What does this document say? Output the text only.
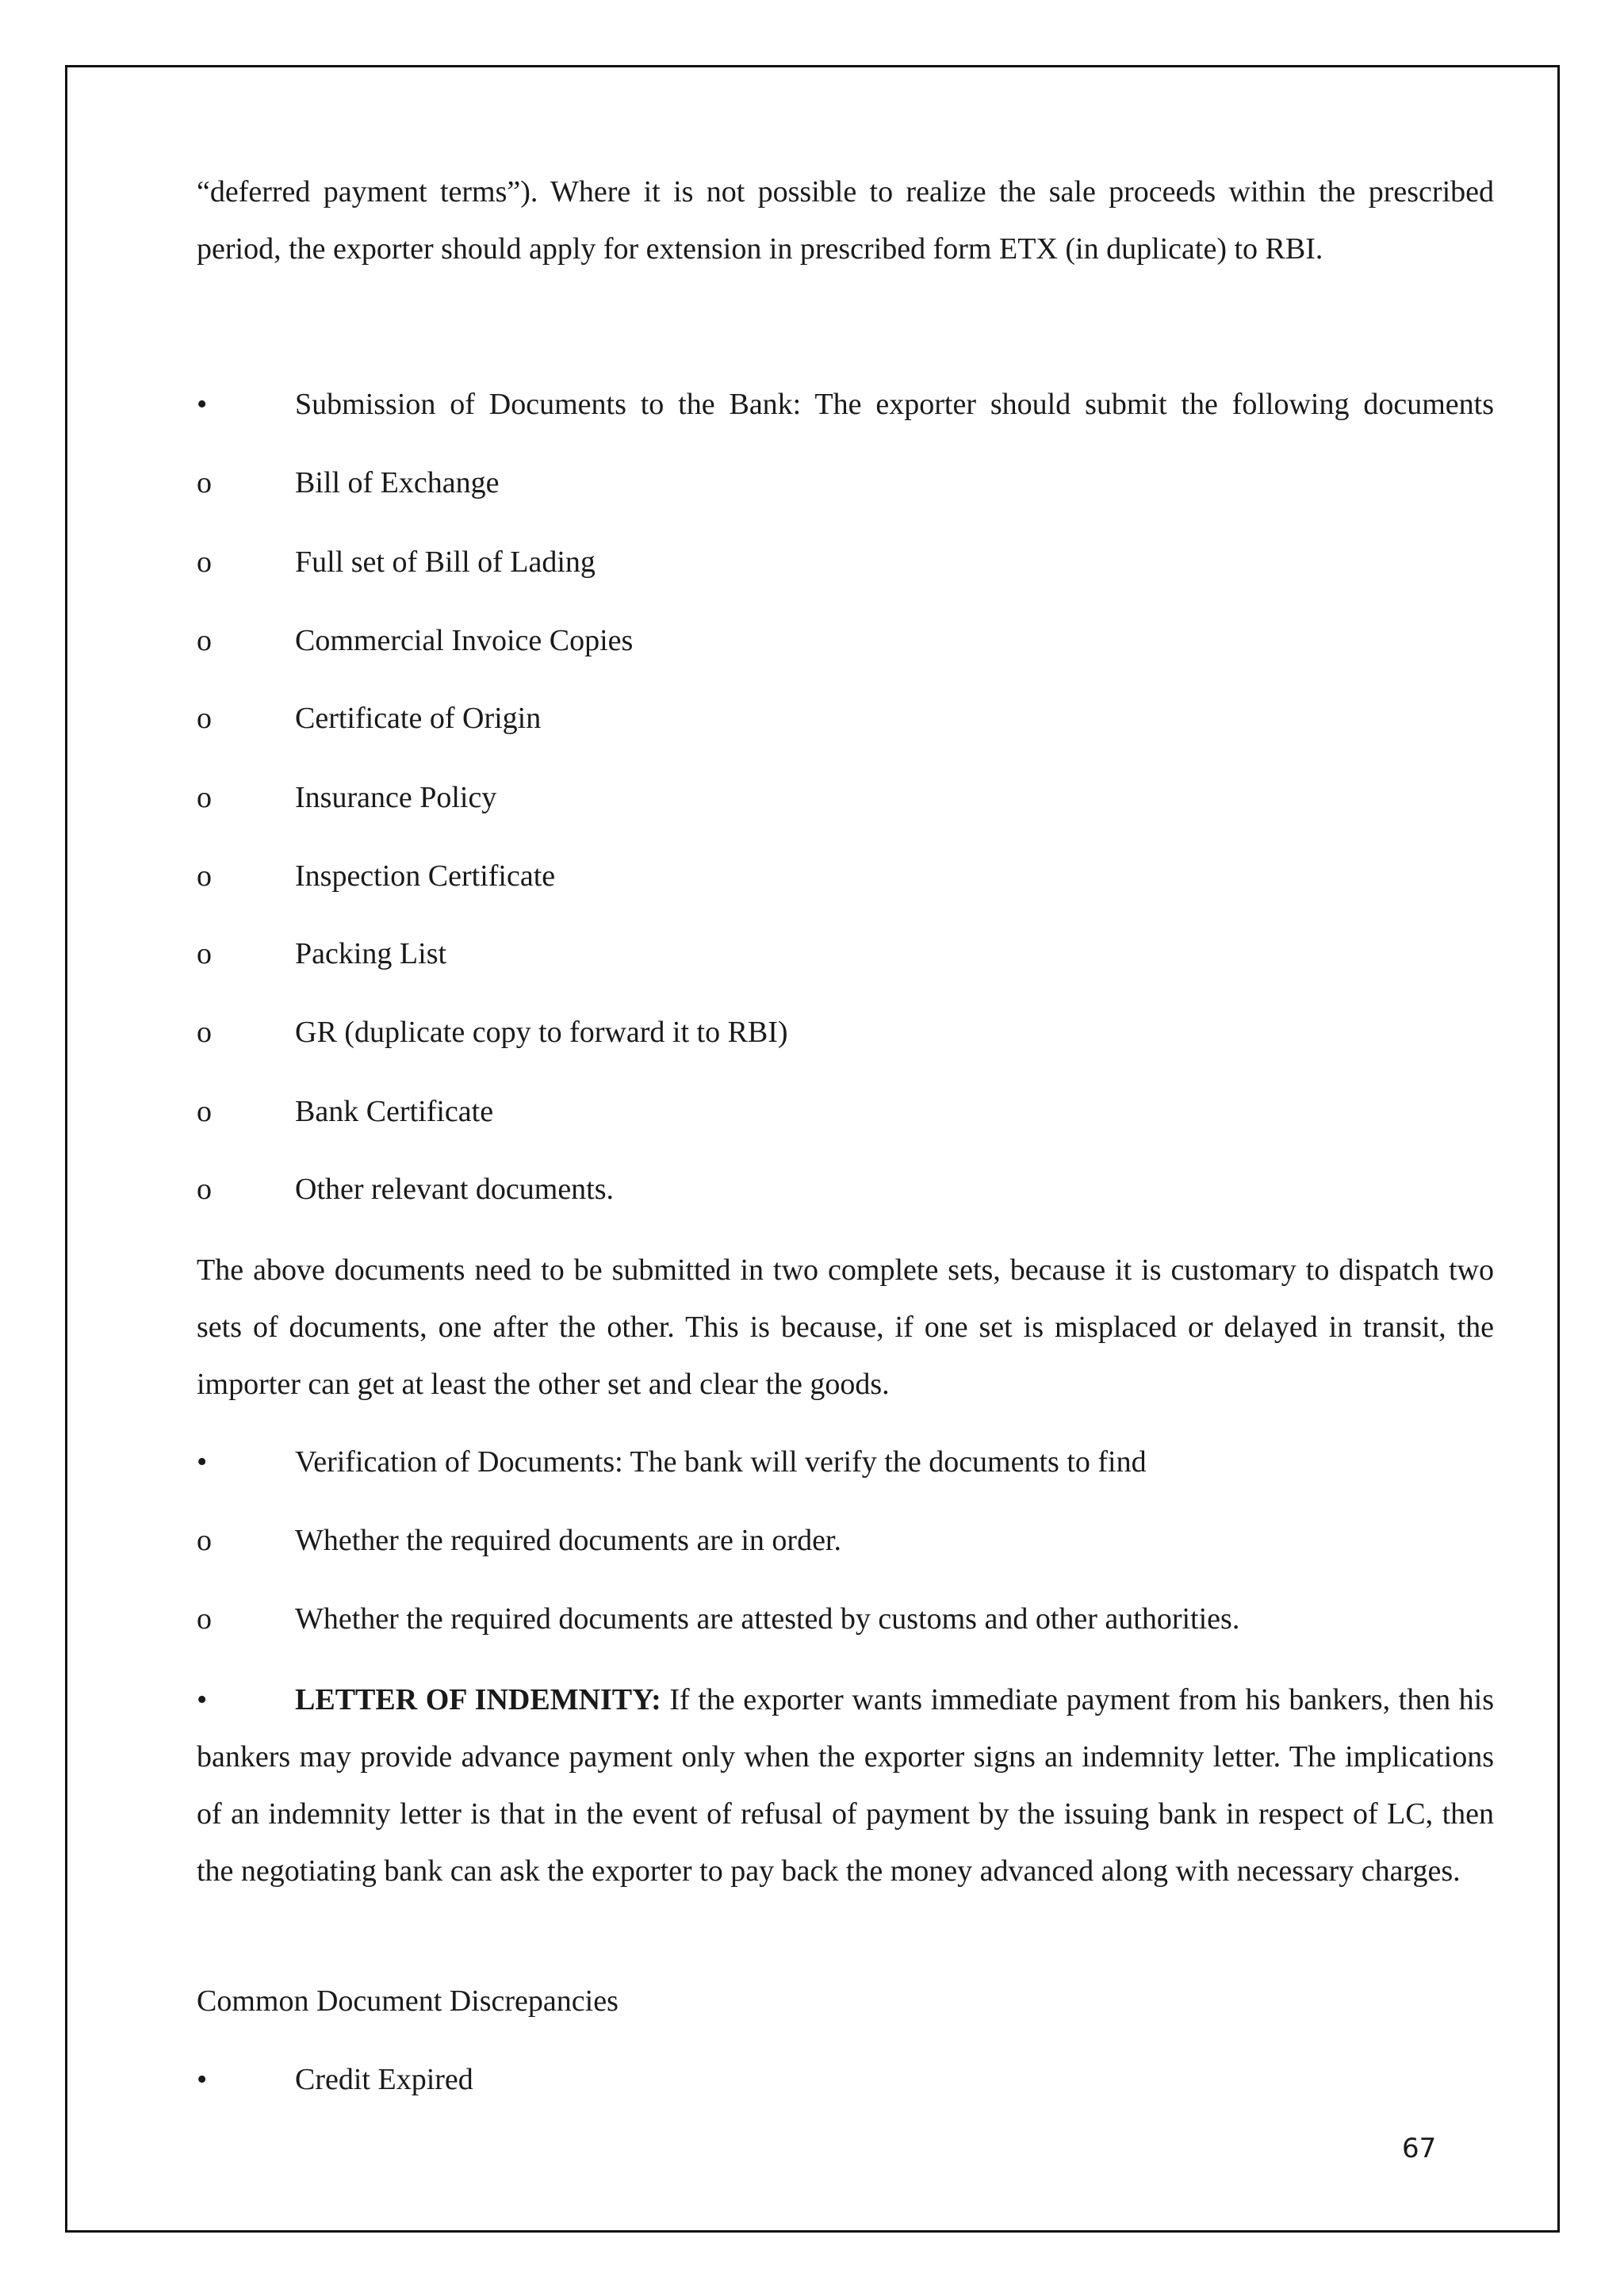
“deferred payment terms”). Where it is not possible to realize the sale proceeds within the prescribed period, the exporter should apply for extension in prescribed form ETX (in duplicate) to RBI.

•	Submission of Documents to the Bank: The exporter should submit the following documents
o	Bill of Exchange
o	Full set of Bill of Lading
o	Commercial Invoice Copies
o	Certificate of Origin
o	Insurance Policy
o	Inspection Certificate
o	Packing List
o	GR (duplicate copy to forward it to RBI)
o	Bank Certificate
o	Other relevant documents.

The above documents need to be submitted in two complete sets, because it is customary to dispatch two sets of documents, one after the other. This is because, if one set is misplaced or delayed in transit, the importer can get at least the other set and clear the goods.

•	Verification of Documents: The bank will verify the documents to find
o	Whether the required documents are in order.
o	Whether the required documents are attested by customs and other authorities.

•	LETTER OF INDEMNITY: If the exporter wants immediate payment from his bankers, then his bankers may provide advance payment only when the exporter signs an indemnity letter. The implications of an indemnity letter is that in the event of refusal of payment by the issuing bank in respect of LC, then the negotiating bank can ask the exporter to pay back the money advanced along with necessary charges.

Common Document Discrepancies
•	Credit Expired
67
